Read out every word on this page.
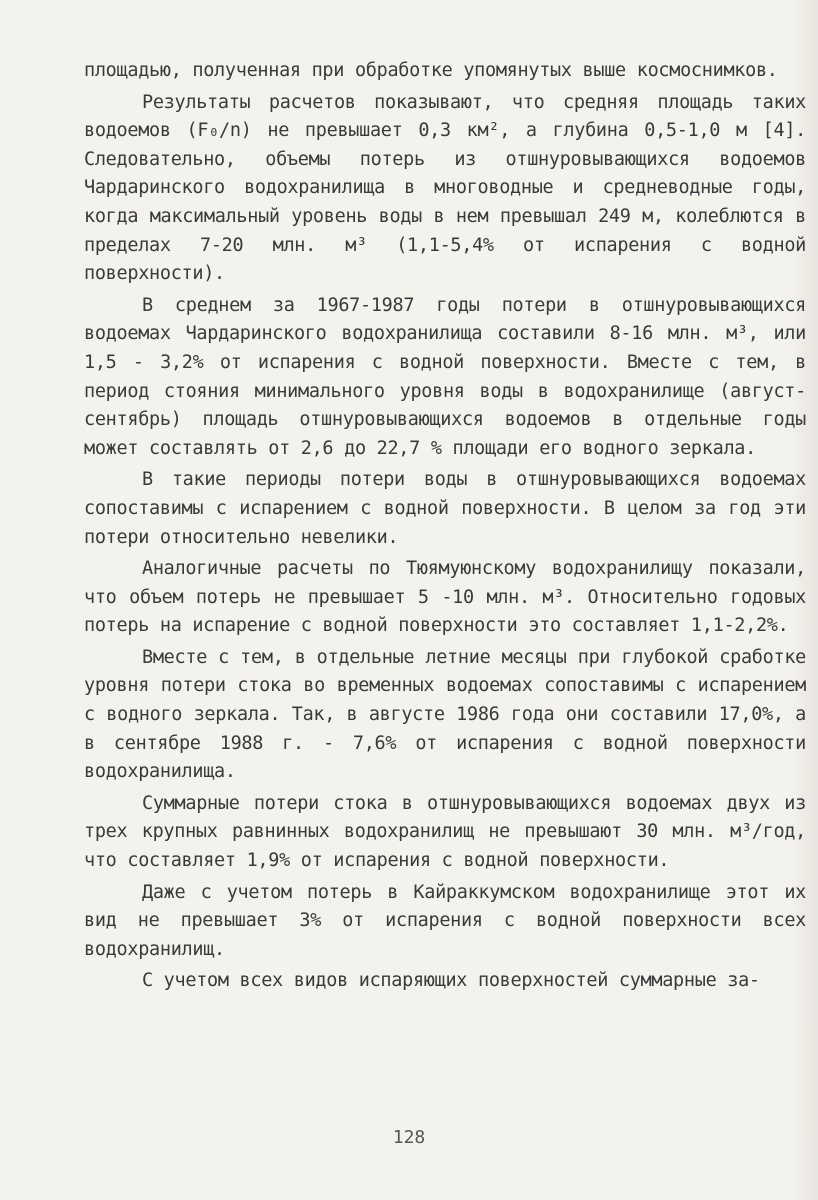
площадью, полученная при обработке упомянутых выше космоснимков.

Результаты расчетов показывают, что средняя площадь таких водоемов (F₀/n) не превышает 0,3 км², а глубина 0,5-1,0 м [4]. Следовательно, объемы потерь из отшнуровывающихся водоемов Чардаринского водохранилища в многоводные и средневодные годы, когда максимальный уровень воды в нем превышал 249 м, колеблются в пределах 7-20 млн. м³ (1,1-5,4% от испарения с водной поверхности).

В среднем за 1967-1987 годы потери в отшнуровывающихся водоемах Чардаринского водохранилища составили 8-16 млн. м³, или 1,5 - 3,2% от испарения с водной поверхности. Вместе с тем, в период стояния минимального уровня воды в водохранилище (август-сентябрь) площадь отшнуровывающихся водоемов в отдельные годы может составлять от 2,6 до 22,7 % площади его водного зеркала.

В такие периоды потери воды в отшнуровывающихся водоемах сопоставимы с испарением с водной поверхности. В целом за год эти потери относительно невелики.

Аналогичные расчеты по Тюямуюнскому водохранилищу показали, что объем потерь не превышает 5 -10 млн. м³. Относительно годовых потерь на испарение с водной поверхности это составляет 1,1-2,2%.

Вместе с тем, в отдельные летние месяцы при глубокой сработке уровня потери стока во временных водоемах сопоставимы с испарением с водного зеркала. Так, в августе 1986 года они составили 17,0%, а в сентябре 1988 г. - 7,6% от испарения с водной поверхности водохранилища.

Суммарные потери стока в отшнуровывающихся водоемах двух из трех крупных равнинных водохранилищ не превышают 30 млн. м³/год, что составляет 1,9% от испарения с водной поверхности.

Даже с учетом потерь в Кайраккумском водохранилище этот их вид не превышает 3% от испарения с водной поверхности всех водохранилищ.

С учетом всех видов испаряющих поверхностей суммарные за-

128
